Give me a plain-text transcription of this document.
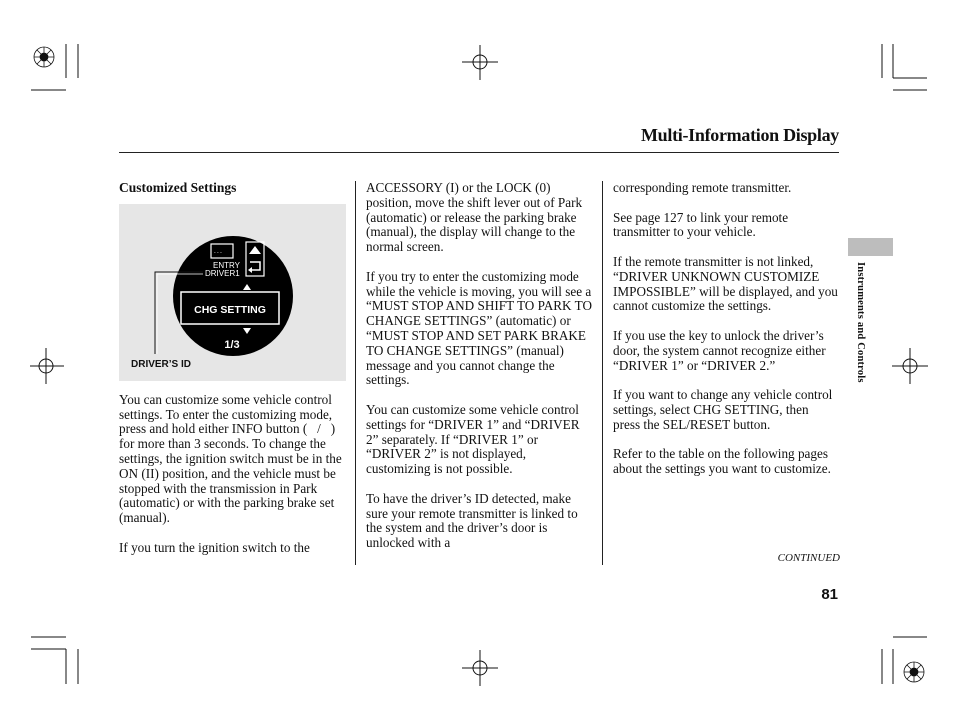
Multi-Information Display
Instruments and Controls
Customized Settings
- - -
ENTRY
DRIVER1
CHG SETTING
1/3
DRIVER’S ID

You can customize some vehicle control settings. To enter the customizing mode, press and hold either INFO button (   /   ) for more than 3 seconds. To change the settings, the ignition switch must be in the ON (II) position, and the vehicle must be stopped with the transmission in Park (automatic) or with the parking brake set (manual).

If you turn the ignition switch to the

ACCESSORY (I) or the LOCK (0) position, move the shift lever out of Park (automatic) or release the parking brake (manual), the display will change to the normal screen.

If you try to enter the customizing mode while the vehicle is moving, you will see a “MUST STOP AND SHIFT TO PARK TO CHANGE SETTINGS” (automatic) or “MUST STOP AND SET PARK BRAKE TO CHANGE SETTINGS” (manual) message and you cannot change the settings.

You can customize some vehicle control settings for “DRIVER 1” and “DRIVER 2” separately. If “DRIVER 1” or “DRIVER 2” is not displayed, customizing is not possible.

To have the driver’s ID detected, make sure your remote transmitter is linked to the system and the driver’s door is unlocked with a

corresponding remote transmitter.

See page 127 to link your remote transmitter to your vehicle.

If the remote transmitter is not linked, “DRIVER UNKNOWN CUSTOMIZE IMPOSSIBLE” will be displayed, and you cannot customize the settings.

If you use the key to unlock the driver’s door, the system cannot recognize either “DRIVER 1” or “DRIVER 2.”

If you want to change any vehicle control settings, select CHG SETTING, then press the SEL/RESET button.

Refer to the table on the following pages about the settings you want to customize.

CONTINUED
81
